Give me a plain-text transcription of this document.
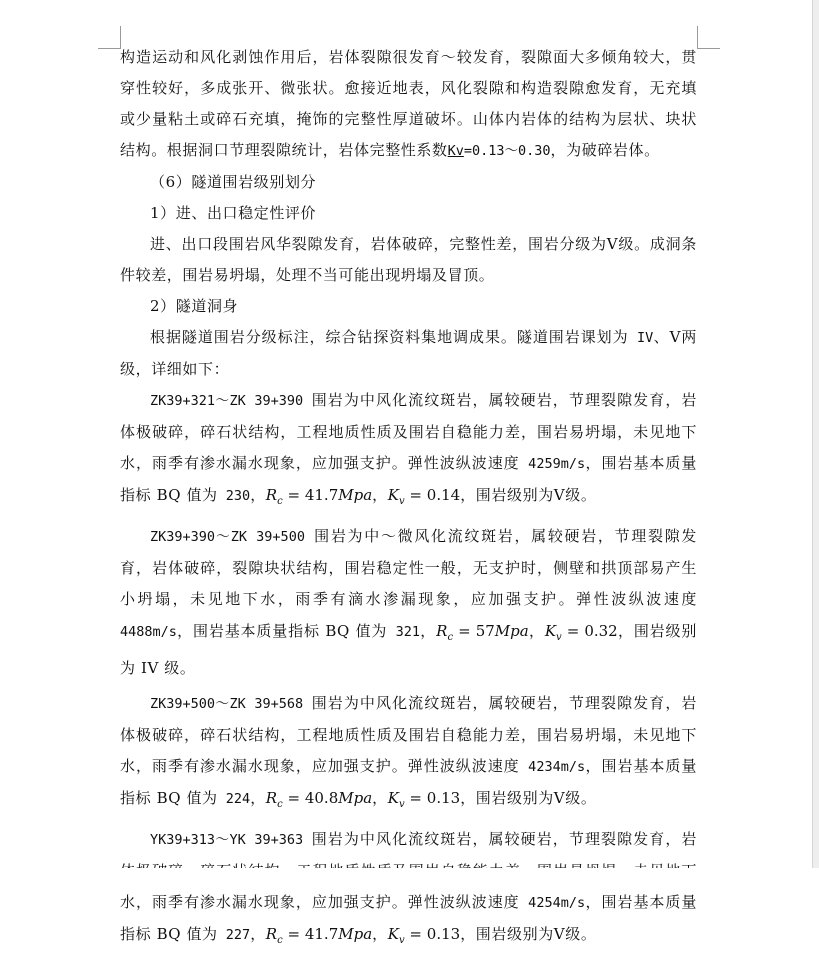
构造运动和风化剥蚀作用后，岩体裂隙很发育～较发育，裂隙面大多倾角较大，贯穿性较好，多成张开、微张状。愈接近地表，风化裂隙和构造裂隙愈发育，无充填或少量粘土或碎石充填，掩饰的完整性厚道破坏。山体内岩体的结构为层状、块状结构。根据洞口节理裂隙统计，岩体完整性系数Kv=0.13～0.30，为破碎岩体。

（6）隧道围岩级别划分

1）进、出口稳定性评价

进、出口段围岩风华裂隙发育，岩体破碎，完整性差，围岩分级为Ⅴ级。成洞条件较差，围岩易坍塌，处理不当可能出现坍塌及冒顶。

2）隧道洞身

根据隧道围岩分级标注，综合钻探资料集地调成果。隧道围岩课划为 IV、Ⅴ两级，详细如下：

ZK39+321～ZK 39+390 围岩为中风化流纹斑岩，属较硬岩，节理裂隙发育，岩体极破碎，碎石状结构，工程地质性质及围岩自稳能力差，围岩易坍塌，未见地下水，雨季有渗水漏水现象，应加强支护。弹性波纵波速度 4259m/s，围岩基本质量指标 BQ 值为 230，$R_c = 41.7Mpa$，$K_v = 0.14$，围岩级别为Ⅴ级。

ZK39+390～ZK 39+500 围岩为中～微风化流纹斑岩，属较硬岩，节理裂隙发育，岩体破碎，裂隙块状结构，围岩稳定性一般，无支护时，侧壁和拱顶部易产生小坍塌，未见地下水，雨季有滴水渗漏现象，应加强支护。弹性波纵波速度 4488m/s，围岩基本质量指标 BQ 值为 321，$R_c = 57Mpa$，$K_v = 0.32$，围岩级别为 IV 级。

ZK39+500～ZK 39+568 围岩为中风化流纹斑岩，属较硬岩，节理裂隙发育，岩体极破碎，碎石状结构，工程地质性质及围岩自稳能力差，围岩易坍塌，未见地下水，雨季有渗水漏水现象，应加强支护。弹性波纵波速度 4234m/s，围岩基本质量指标 BQ 值为 224，$R_c = 40.8Mpa$，$K_v = 0.13$，围岩级别为Ⅴ级。

YK39+313～YK 39+363 围岩为中风化流纹斑岩，属较硬岩，节理裂隙发育，岩 水，雨季有渗水漏水现象，应加强支护。弹性波纵波速度 4254m/s，围岩基本质量指标 BQ 值为 227，$R_c = 41.7Mpa$，$K_v = 0.13$，围岩级别为Ⅴ级。
